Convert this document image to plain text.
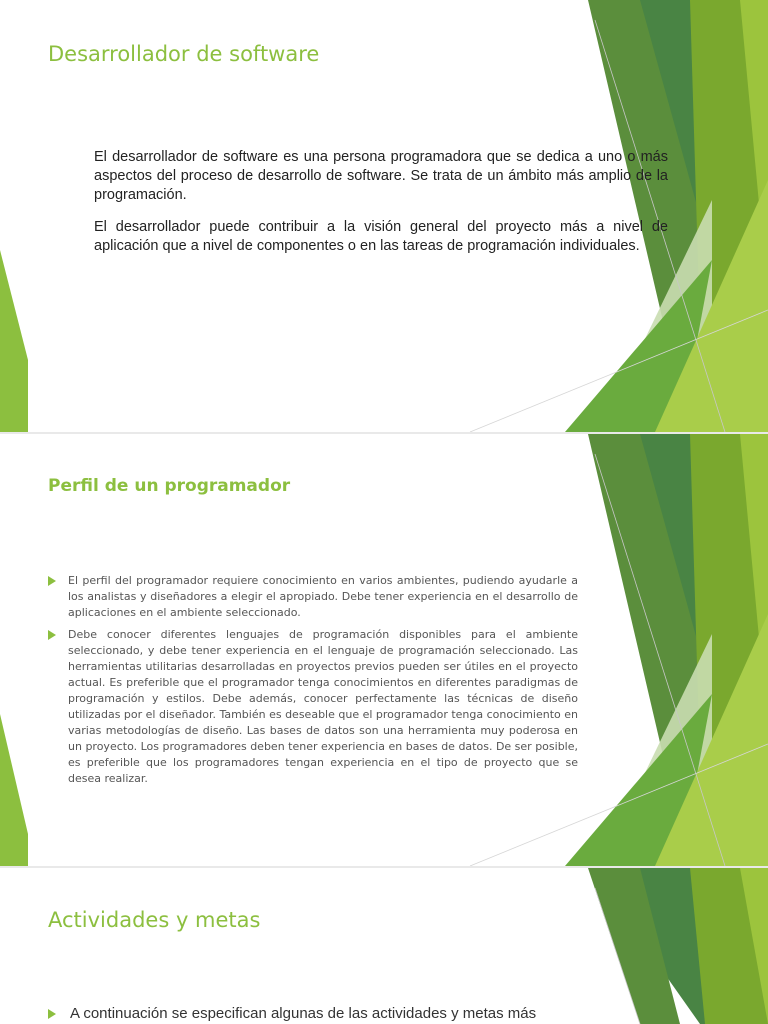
Desarrollador de software

El desarrollador de software es una persona programadora que se dedica a uno o más aspectos del proceso de desarrollo de software. Se trata de un ámbito más amplio de la programación.

El desarrollador puede contribuir a la visión general del proyecto más a nivel de aplicación que a nivel de componentes o en las tareas de programación individuales.

Perfil de un programador
El perfil del programador requiere conocimiento en varios ambientes, pudiendo ayudarle a los analistas y diseñadores a elegir el apropiado. Debe tener experiencia en el desarrollo de aplicaciones en el ambiente seleccionado.
Debe conocer diferentes lenguajes de programación disponibles para el ambiente seleccionado, y debe tener experiencia en el lenguaje de programación seleccionado. Las herramientas utilitarias desarrolladas en proyectos previos pueden ser útiles en el proyecto actual. Es preferible que el programador tenga conocimientos en diferentes paradigmas de programación y estilos. Debe además, conocer perfectamente las técnicas de diseño utilizadas por el diseñador. También es deseable que el programador tenga conocimiento en varias metodologías de diseño. Las bases de datos son una herramienta muy poderosa en un proyecto. Los programadores deben tener experiencia en bases de datos. De ser posible, es preferible que los programadores tengan experiencia en el tipo de proyecto que se desea realizar.
Actividades y metas
A continuación se especifican algunas de las actividades y metas más
